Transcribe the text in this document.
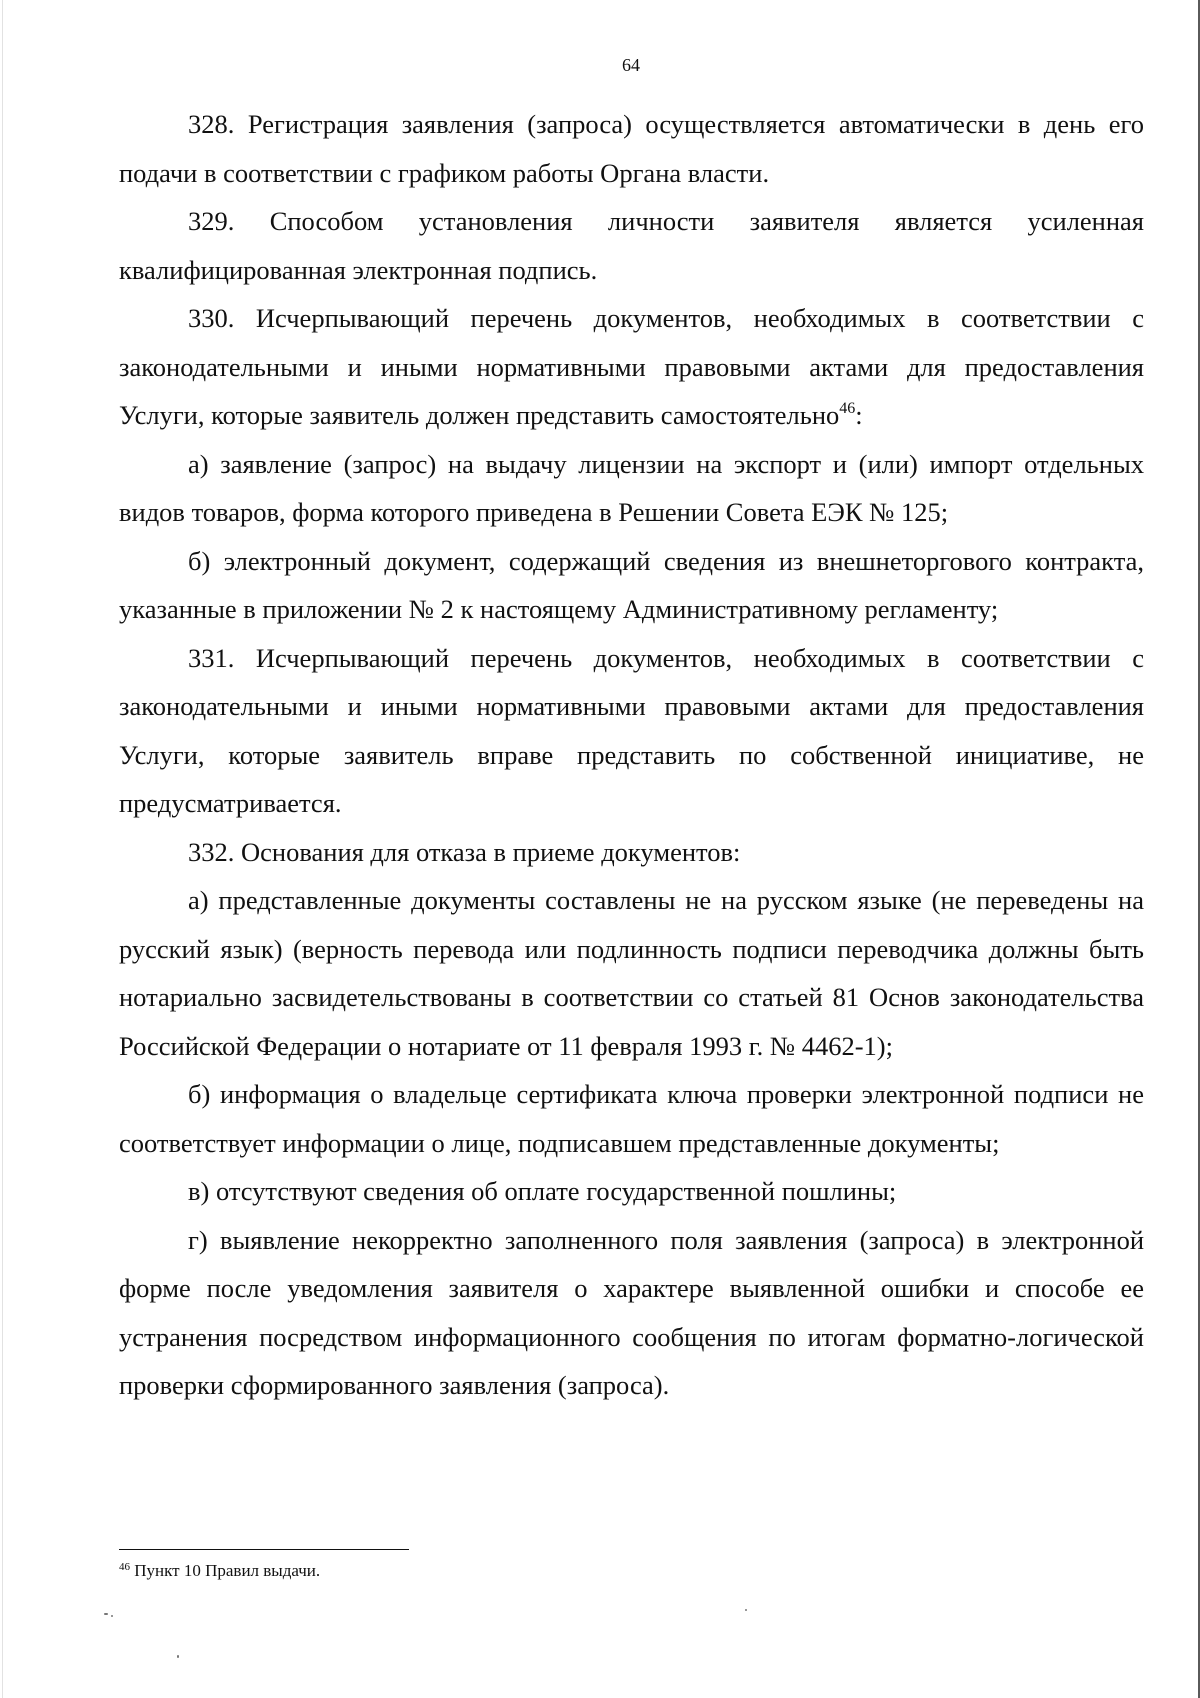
64

328. Регистрация заявления (запроса) осуществляется автоматически в день его подачи в соответствии с графиком работы Органа власти.

329. Способом установления личности заявителя является усиленная квалифицированная электронная подпись.

330. Исчерпывающий перечень документов, необходимых в соответствии с законодательными и иными нормативными правовыми актами для предоставления Услуги, которые заявитель должен представить самостоятельно$^{46}$:

а) заявление (запрос) на выдачу лицензии на экспорт и (или) импорт отдельных видов товаров, форма которого приведена в Решении Совета ЕЭК № 125;

б) электронный документ, содержащий сведения из внешнеторгового контракта, указанные в приложении № 2 к настоящему Административному регламенту;

331. Исчерпывающий перечень документов, необходимых в соответствии с законодательными и иными нормативными правовыми актами для предоставления Услуги, которые заявитель вправе представить по собственной инициативе, не предусматривается.

332. Основания для отказа в приеме документов:

а) представленные документы составлены не на русском языке (не переведены на русский язык) (верность перевода или подлинность подписи переводчика должны быть нотариально засвидетельствованы в соответствии со статьей 81 Основ законодательства Российской Федерации о нотариате от 11 февраля 1993 г. № 4462-1);

б) информация о владельце сертификата ключа проверки электронной подписи не соответствует информации о лице, подписавшем представленные документы;

в) отсутствуют сведения об оплате государственной пошлины;

г) выявление некорректно заполненного поля заявления (запроса) в электронной форме после уведомления заявителя о характере выявленной ошибки и способе ее устранения посредством информационного сообщения по итогам форматно-логической проверки сформированного заявления (запроса).

$^{46}$ Пункт 10 Правил выдачи.
